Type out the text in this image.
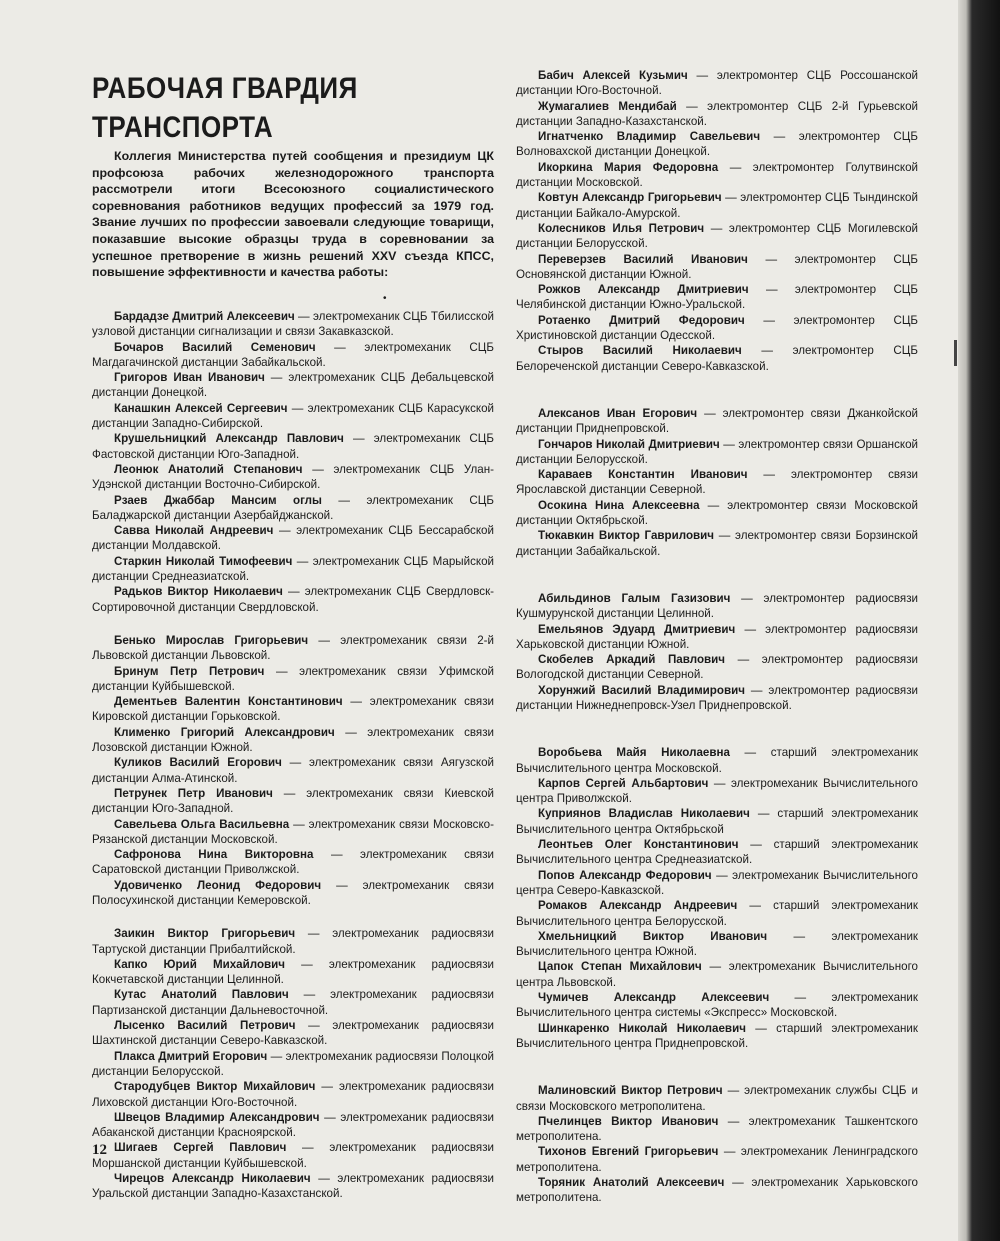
РАБОЧАЯ ГВАРДИЯ ТРАНСПОРТА
Коллегия Министерства путей сообщения и президиум ЦК профсоюза рабочих железнодорожного транспорта рассмотрели итоги Всесоюзного социалистического соревнования работников ведущих профессий за 1979 год. Звание лучших по профессии завоевали следующие товарищи, показавшие высокие образцы труда в соревновании за успешное претворение в жизнь решений XXV съезда КПСС, повышение эффективности и качества работы:
•

Бардадзе Дмитрий Алексеевич — электромеханик СЦБ Тбилисской узловой дистанции сигнализации и связи Закавказской.

Бочаров Василий Семенович — электромеханик СЦБ Магдагачинской дистанции Забайкальской.

Григоров Иван Иванович — электромеханик СЦБ Дебальцевской дистанции Донецкой.

Канашкин Алексей Сергеевич — электромеханик СЦБ Карасукской дистанции Западно-Сибирской.

Крушельницкий Александр Павлович — электромеханик СЦБ Фастовской дистанции Юго-Западной.

Леонюк Анатолий Степанович — электромеханик СЦБ Улан-Удэнской дистанции Восточно-Сибирской.

Рзаев Джаббар Мансим оглы — электромеханик СЦБ Баладжарской дистанции Азербайджанской.

Савва Николай Андреевич — электромеханик СЦБ Бессарабской дистанции Молдавской.

Старкин Николай Тимофеевич — электромеханик СЦБ Марыйской дистанции Среднеазиатской.

Радьков Виктор Николаевич — электромеханик СЦБ Свердловск-Сортировочной дистанции Свердловской.

Бенько Мирослав Григорьевич — электромеханик связи 2-й Львовской дистанции Львовской.

Бринум Петр Петрович — электромеханик связи Уфимской дистанции Куйбышевской.

Дементьев Валентин Константинович — электромеханик связи Кировской дистанции Горьковской.

Клименко Григорий Александрович — электромеханик связи Лозовской дистанции Южной.

Куликов Василий Егорович — электромеханик связи Аягузской дистанции Алма-Атинской.

Петрунек Петр Иванович — электромеханик связи Киевской дистанции Юго-Западной.

Савельева Ольга Васильевна — электромеханик связи Московско-Рязанской дистанции Московской.

Сафронова Нина Викторовна — электромеханик связи Саратовской дистанции Приволжской.

Удовиченко Леонид Федорович — электромеханик связи Полосухинской дистанции Кемеровской.

Заикин Виктор Григорьевич — электромеханик радиосвязи Тартуской дистанции Прибалтийской.

Капко Юрий Михайлович — электромеханик радиосвязи Кокчетавской дистанции Целинной.

Кутас Анатолий Павлович — электромеханик радиосвязи Партизанской дистанции Дальневосточной.

Лысенко Василий Петрович — электромеханик радиосвязи Шахтинской дистанции Северо-Кавказской.

Плакса Дмитрий Егорович — электромеханик радиосвязи Полоцкой дистанции Белорусской.

Стародубцев Виктор Михайлович — электромеханик радиосвязи Лиховской дистанции Юго-Восточной.

Швецов Владимир Александрович — электромеханик радиосвязи Абаканской дистанции Красноярской.

Шигаев Сергей Павлович — электромеханик радиосвязи Моршанской дистанции Куйбышевской.

Чирецов Александр Николаевич — электромеханик радиосвязи Уральской дистанции Западно-Казахстанской.

Бабич Алексей Кузьмич — электромонтер СЦБ Россошанской дистанции Юго-Восточной.

Жумагалиев Мендибай — электромонтер СЦБ 2-й Гурьевской дистанции Западно-Казахстанской.

Игнатченко Владимир Савельевич — электромонтер СЦБ Волноваxской дистанции Донецкой.

Икоркина Мария Федоровна — электромонтер Голутвинской дистанции Московской.

Ковтун Александр Григорьевич — электромонтер СЦБ Тындинской дистанции Байкало-Амурской.

Колесников Илья Петрович — электромонтер СЦБ Могилевской дистанции Белорусской.

Переверзев Василий Иванович — электромонтер СЦБ Основянской дистанции Южной.

Рожков Александр Дмитриевич — электромонтер СЦБ Челябинской дистанции Южно-Уральской.

Ротаенко Дмитрий Федорович — электромонтер СЦБ Христиновской дистанции Одесской.

Стыров Василий Николаевич — электромонтер СЦБ Белореченской дистанции Северо-Кавказской.

Алексанов Иван Егорович — электромонтер связи Джанкойской дистанции Приднепровской.

Гончаров Николай Дмитриевич — электромонтер связи Оршанской дистанции Белорусской.

Караваев Константин Иванович — электромонтер связи Ярославской дистанции Северной.

Осокина Нина Алексеевна — электромонтер связи Московской дистанции Октябрьской.

Тюкавкин Виктор Гаврилович — электромонтер связи Борзинской дистанции Забайкальской.

Абильдинов Галым Газизович — электромонтер радиосвязи Кушмурунской дистанции Целинной.

Емельянов Эдуард Дмитриевич — электромонтер радиосвязи Харьковской дистанции Южной.

Скобелев Аркадий Павлович — электромонтер радиосвязи Вологодской дистанции Северной.

Хорунжий Василий Владимирович — электромонтер радиосвязи дистанции Нижнеднепровск-Узел Приднепровской.

Воробьева Майя Николаевна — старший электромеханик Вычислительного центра Московской.

Карпов Сергей Альбартович — электромеханик Вычислительного центра Приволжской.

Куприянов Владислав Николаевич — старший электромеханик Вычислительного центра Октябрьской

Леонтьев Олег Константинович — старший электромеханик Вычислительного центра Среднеазиатской.

Попов Александр Федорович — электромеханик Вычислительного центра Северо-Кавказской.

Ромаков Александр Андреевич — старший электромеханик Вычислительного центра Белорусской.

Хмельницкий Виктор Иванович — электромеханик Вычислительного центра Южной.

Цапок Степан Михайлович — электромеханик Вычислительного центра Львовской.

Чумичев Александр Алексеевич — электромеханик Вычислительного центра системы «Экспресс» Московской.

Шинкаренко Николай Николаевич — старший электромеханик Вычислительного центра Приднепровской.

Малиновский Виктор Петрович — электромеханик службы СЦБ и связи Московского метрополитена.

Пчелинцев Виктор Иванович — электромеханик Ташкентского метрополитена.

Тихонов Евгений Григорьевич — электромеханик Ленинградского метрополитена.

Торяник Анатолий Алексеевич — электромеханик Харьковского метрополитена.

12
